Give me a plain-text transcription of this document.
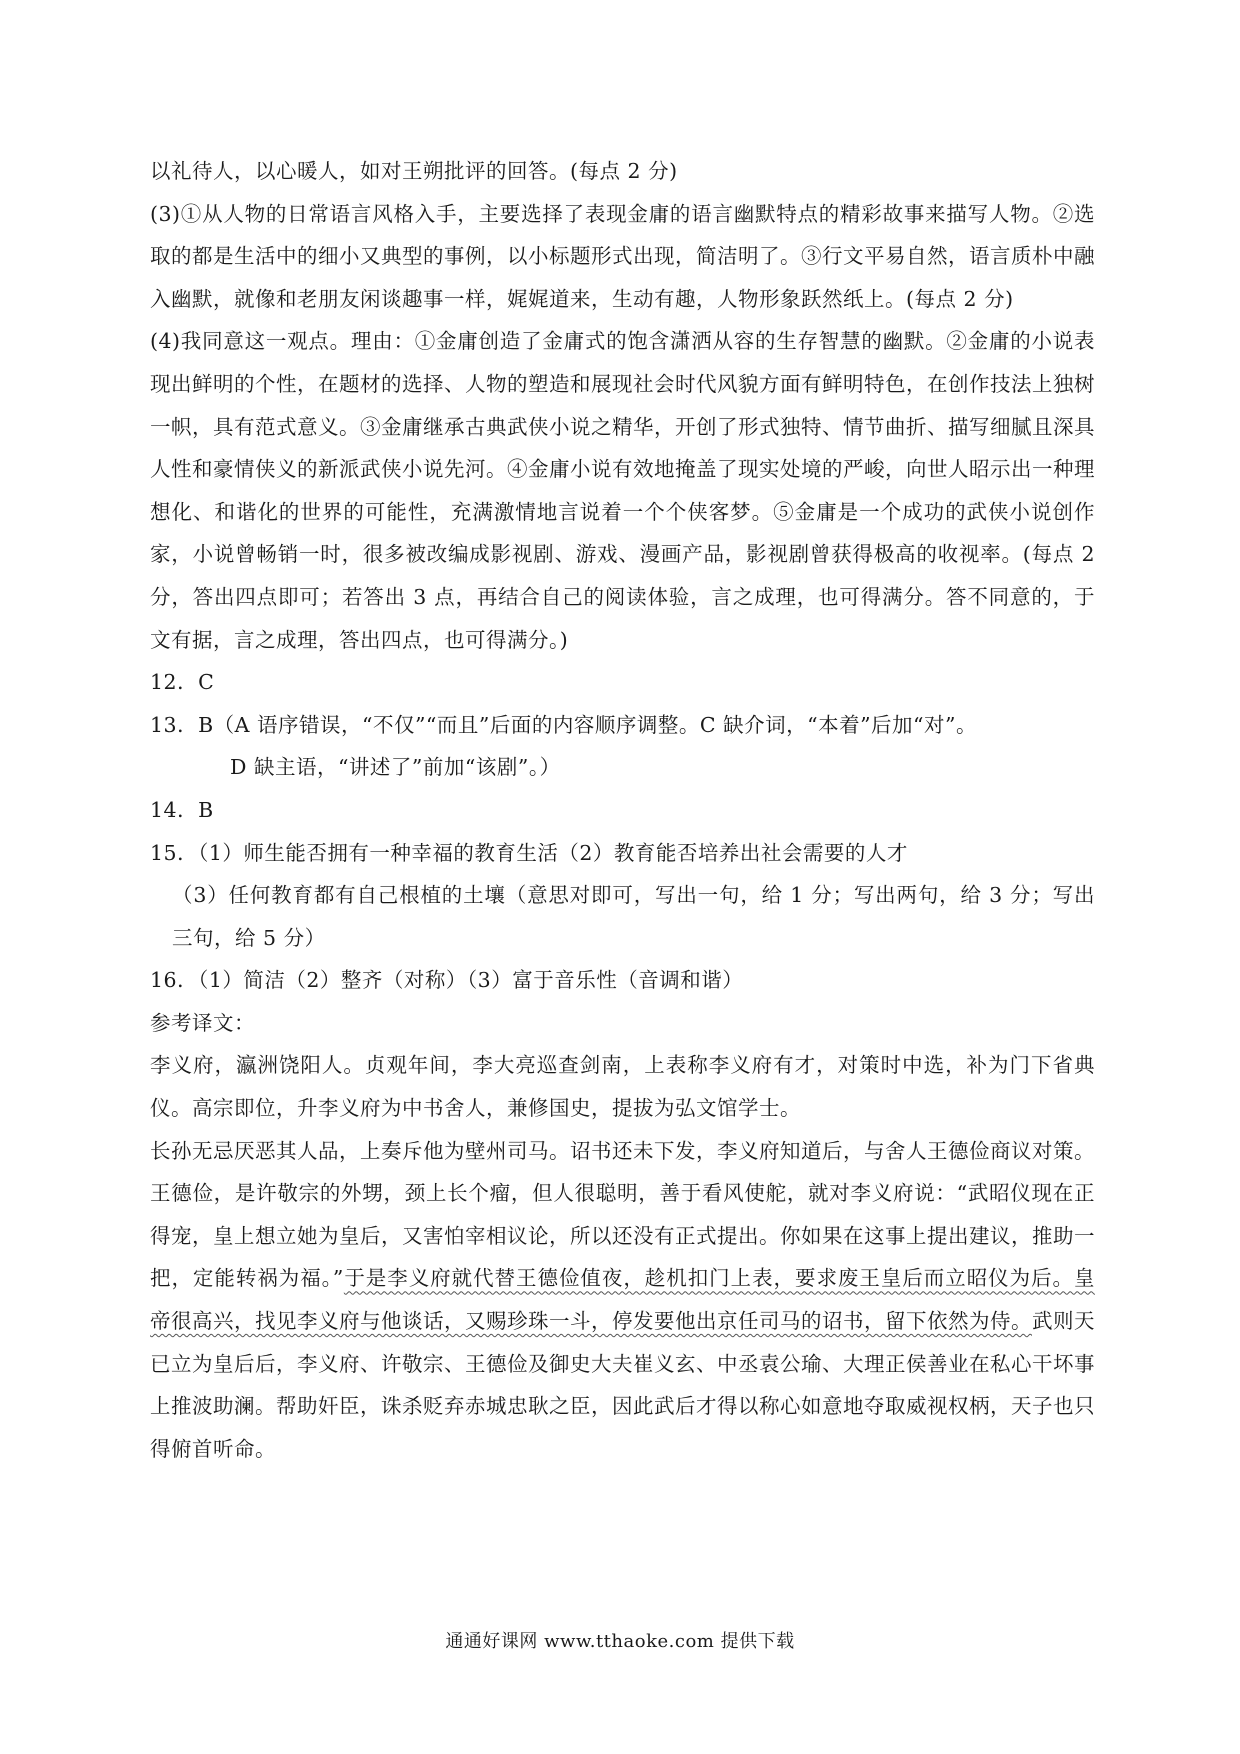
以礼待人，以心暖人，如对王朔批评的回答。(每点 2 分)

(3)①从人物的日常语言风格入手，主要选择了表现金庸的语言幽默特点的精彩故事来描写人物。②选取的都是生活中的细小又典型的事例，以小标题形式出现，简洁明了。③行文平易自然，语言质朴中融入幽默，就像和老朋友闲谈趣事一样，娓娓道来，生动有趣，人物形象跃然纸上。(每点 2 分)

(4)我同意这一观点。理由：①金庸创造了金庸式的饱含潇洒从容的生存智慧的幽默。②金庸的小说表现出鲜明的个性，在题材的选择、人物的塑造和展现社会时代风貌方面有鲜明特色，在创作技法上独树一帜，具有范式意义。③金庸继承古典武侠小说之精华，开创了形式独特、情节曲折、描写细腻且深具人性和豪情侠义的新派武侠小说先河。④金庸小说有效地掩盖了现实处境的严峻，向世人昭示出一种理想化、和谐化的世界的可能性，充满激情地言说着一个个侠客梦。⑤金庸是一个成功的武侠小说创作家，小说曾畅销一时，很多被改编成影视剧、游戏、漫画产品，影视剧曾获得极高的收视率。(每点 2 分，答出四点即可；若答出 3 点，再结合自己的阅读体验，言之成理，也可得满分。答不同意的，于文有据，言之成理，答出四点，也可得满分。)

12．C

13．B（A 语序错误，“不仅”“而且”后面的内容顺序调整。C 缺介词，“本着”后加“对”。

D 缺主语，“讲述了”前加“该剧”。）

14．B

15．（1）师生能否拥有一种幸福的教育生活（2）教育能否培养出社会需要的人才

（3）任何教育都有自己根植的土壤（意思对即可，写出一句，给 1 分；写出两句，给 3 分；写出三句，给 5 分）

16．（1）简洁（2）整齐（对称）（3）富于音乐性（音调和谐）

参考译文：

李义府，瀛洲饶阳人。贞观年间，李大亮巡查剑南，上表称李义府有才，对策时中选，补为门下省典仪。高宗即位，升李义府为中书舍人，兼修国史，提拔为弘文馆学士。

长孙无忌厌恶其人品，上奏斥他为壁州司马。诏书还未下发，李义府知道后，与舍人王德俭商议对策。王德俭，是许敬宗的外甥，颈上长个瘤，但人很聪明，善于看风使舵，就对李义府说：“武昭仪现在正得宠，皇上想立她为皇后，又害怕宰相议论，所以还没有正式提出。你如果在这事上提出建议，推助一把，定能转祸为福。”于是李义府就代替王德俭值夜，趁机扣门上表，要求废王皇后而立昭仪为后。皇帝很高兴，找见李义府与他谈话，又赐珍珠一斗，停发要他出京任司马的诏书，留下依然为侍。武则天已立为皇后后，李义府、许敬宗、王德俭及御史大夫崔义玄、中丞袁公瑜、大理正侯善业在私心干坏事上推波助澜。帮助奸臣，诛杀贬弃赤城忠耿之臣，因此武后才得以称心如意地夺取威视权柄，天子也只得俯首听命。

通通好课网 www.tthaoke.com 提供下载
